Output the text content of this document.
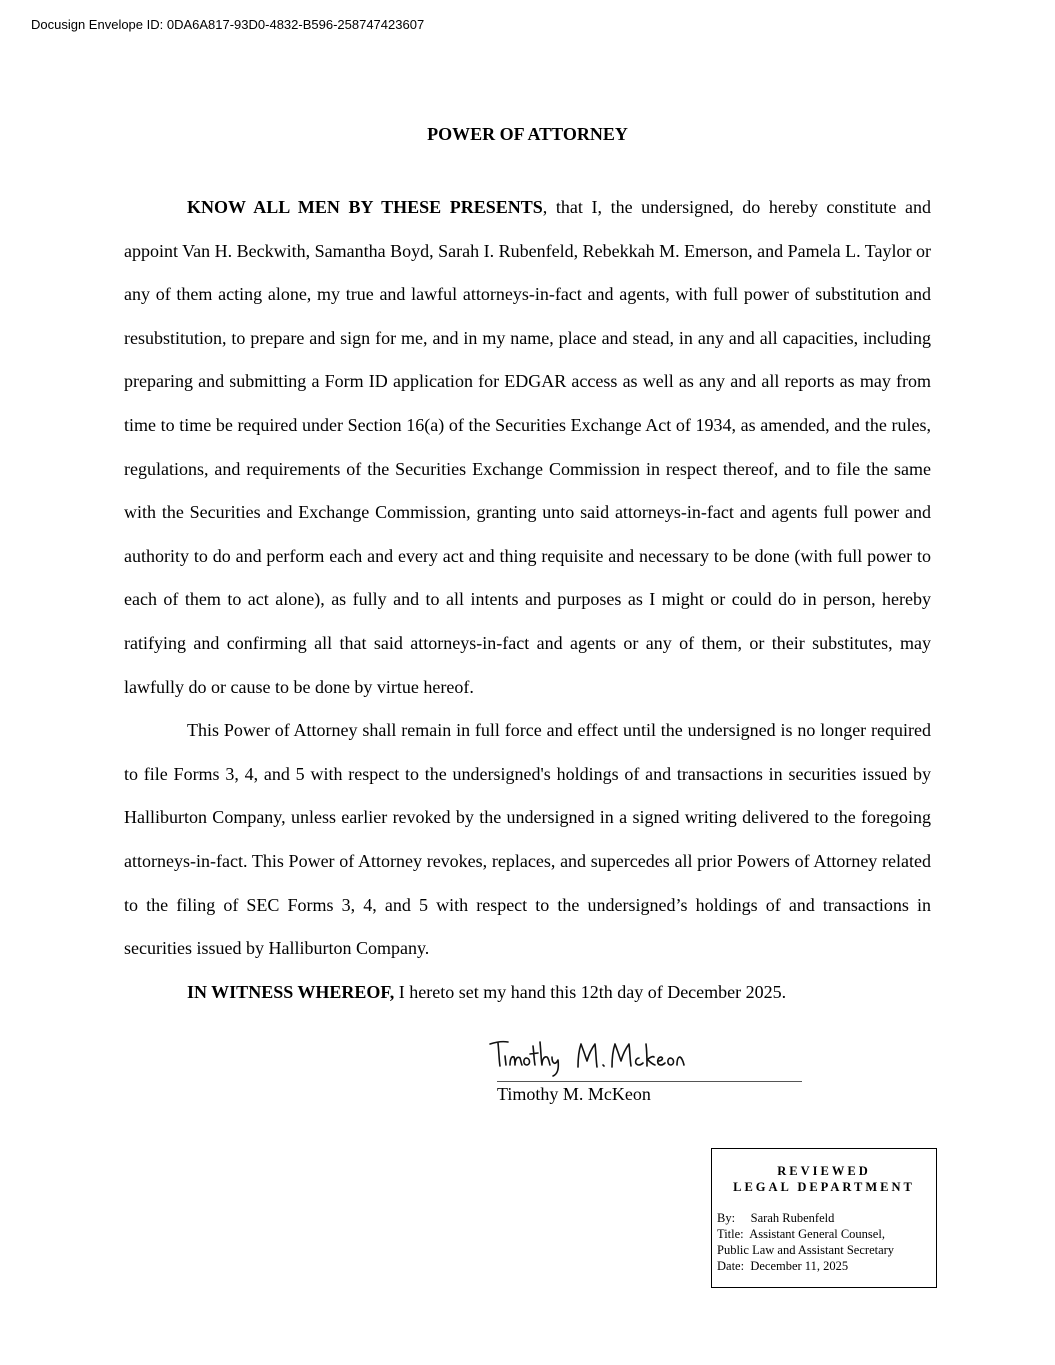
Docusign Envelope ID: 0DA6A817-93D0-4832-B596-258747423607
POWER OF ATTORNEY

KNOW ALL MEN BY THESE PRESENTS, that I, the undersigned, do hereby constitute and appoint Van H. Beckwith, Samantha Boyd, Sarah I. Rubenfeld, Rebekkah M. Emerson, and Pamela L. Taylor or any of them acting alone, my true and lawful attorneys-in-fact and agents, with full power of substitution and resubstitution, to prepare and sign for me, and in my name, place and stead, in any and all capacities, including preparing and submitting a Form ID application for EDGAR access as well as any and all reports as may from time to time be required under Section 16(a) of the Securities Exchange Act of 1934, as amended, and the rules, regulations, and requirements of the Securities Exchange Commission in respect thereof, and to file the same with the Securities and Exchange Commission, granting unto said attorneys-in-fact and agents full power and authority to do and perform each and every act and thing requisite and necessary to be done (with full power to each of them to act alone), as fully and to all intents and purposes as I might or could do in person, hereby ratifying and confirming all that said attorneys-in-fact and agents or any of them, or their substitutes, may lawfully do or cause to be done by virtue hereof.

This Power of Attorney shall remain in full force and effect until the undersigned is no longer required to file Forms 3, 4, and 5 with respect to the undersigned's holdings of and transactions in securities issued by Halliburton Company, unless earlier revoked by the undersigned in a signed writing delivered to the foregoing attorneys-in-fact. This Power of Attorney revokes, replaces, and supercedes all prior Powers of Attorney related to the filing of SEC Forms 3, 4, and 5 with respect to the undersigned’s holdings of and transactions in securities issued by Halliburton Company.

IN WITNESS WHEREOF, I hereto set my hand this 12th day of December 2025.

Timothy M. McKeon
REVIEWED
LEGAL DEPARTMENT
By:     Sarah Rubenfeld
Title:  Assistant General Counsel,
Public Law and Assistant Secretary
Date:  December 11, 2025
